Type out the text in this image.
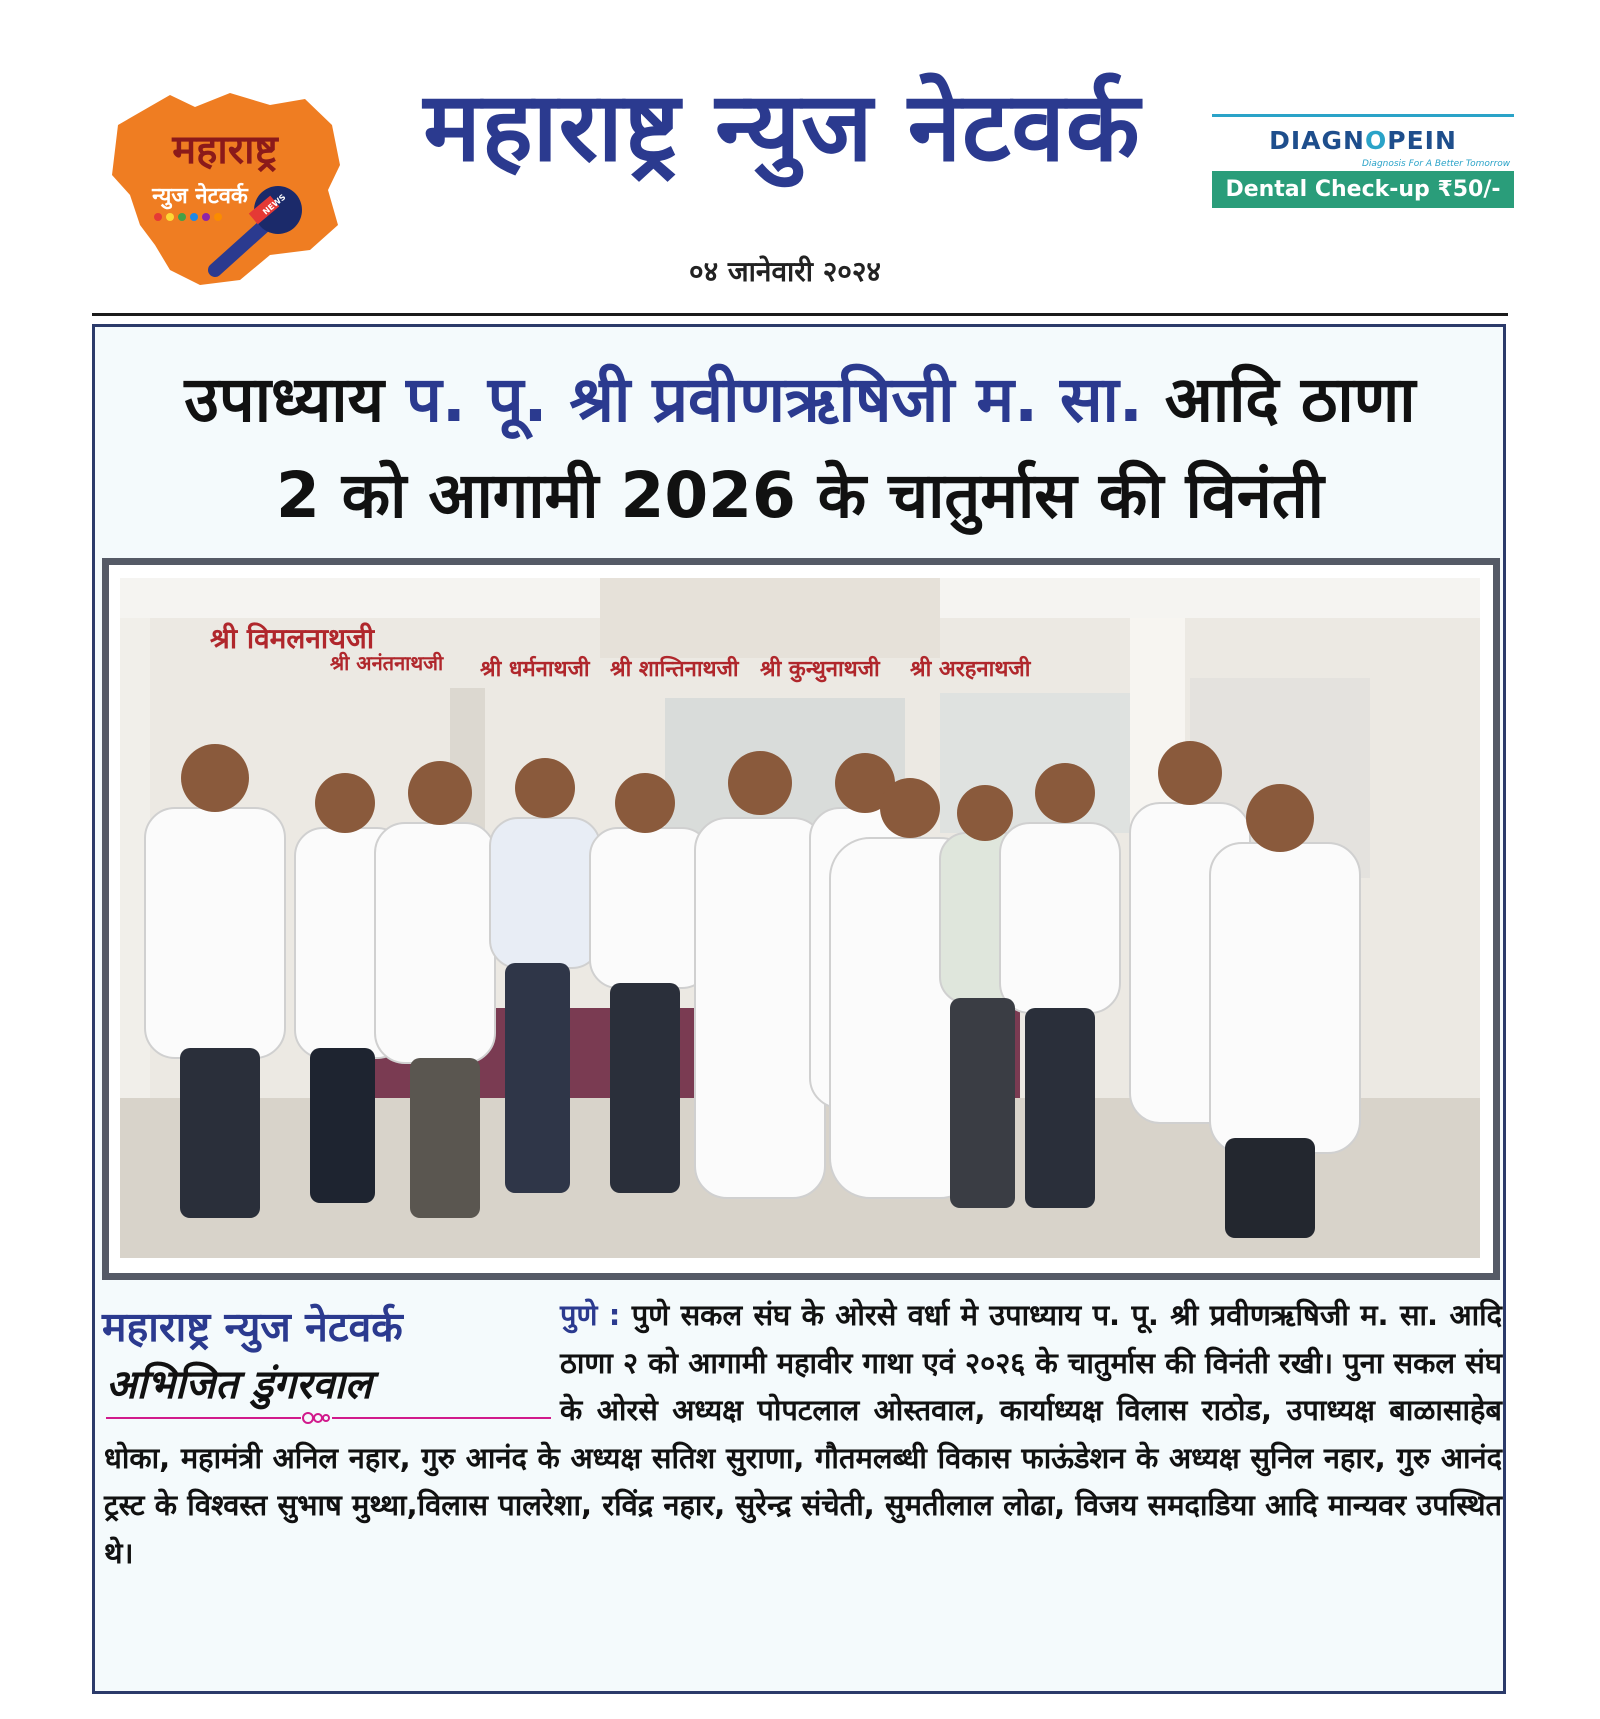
महाराष्ट्र
न्युज नेटवर्क NEWS
महाराष्ट्र न्युज नेटवर्क
०४ जानेवारी २०२४
DIAGNOPEIN
Diagnosis For A Better Tomorrow
Dental Check-up ₹50/-
उपाध्याय प. पू. श्री प्रवीणऋषिजी म. सा. आदि ठाणा
2 को आगामी 2026 के चातुर्मास की विनंती
श्री विमलनाथजी
श्री अनंतनाथजी श्री धर्मनाथजी श्री शान्तिनाथजी श्री कुन्थुनाथजी श्री अरहनाथजी
महाराष्ट्र न्युज नेटवर्क
अभिजित डुंगरवाल
पुणे : पुणे सकल संघ के ओरसे वर्धा मे उपाध्याय प. पू. श्री प्रवीणऋषिजी म. सा. आदि ठाणा २ को आगामी महावीर गाथा एवं २०२६ के चातुर्मास की विनंती रखी। पुना सकल संघ के ओरसे अध्यक्ष पोपटलाल ओस्तवाल, कार्याध्यक्ष विलास राठोड, उपाध्यक्ष बाळासाहेब धोका, महामंत्री अनिल नहार, गुरु आनंद के अध्यक्ष सतिश सुराणा, गौतमलब्धी विकास फाऊंडेशन के अध्यक्ष सुनिल नहार, गुरु आनंद ट्रस्ट के विश्वस्त सुभाष मुथ्था,विलास पालरेशा, रविंद्र नहार, सुरेन्द्र संचेती, सुमतीलाल लोढा, विजय समदाडिया आदि मान्यवर उपस्थित थे।
